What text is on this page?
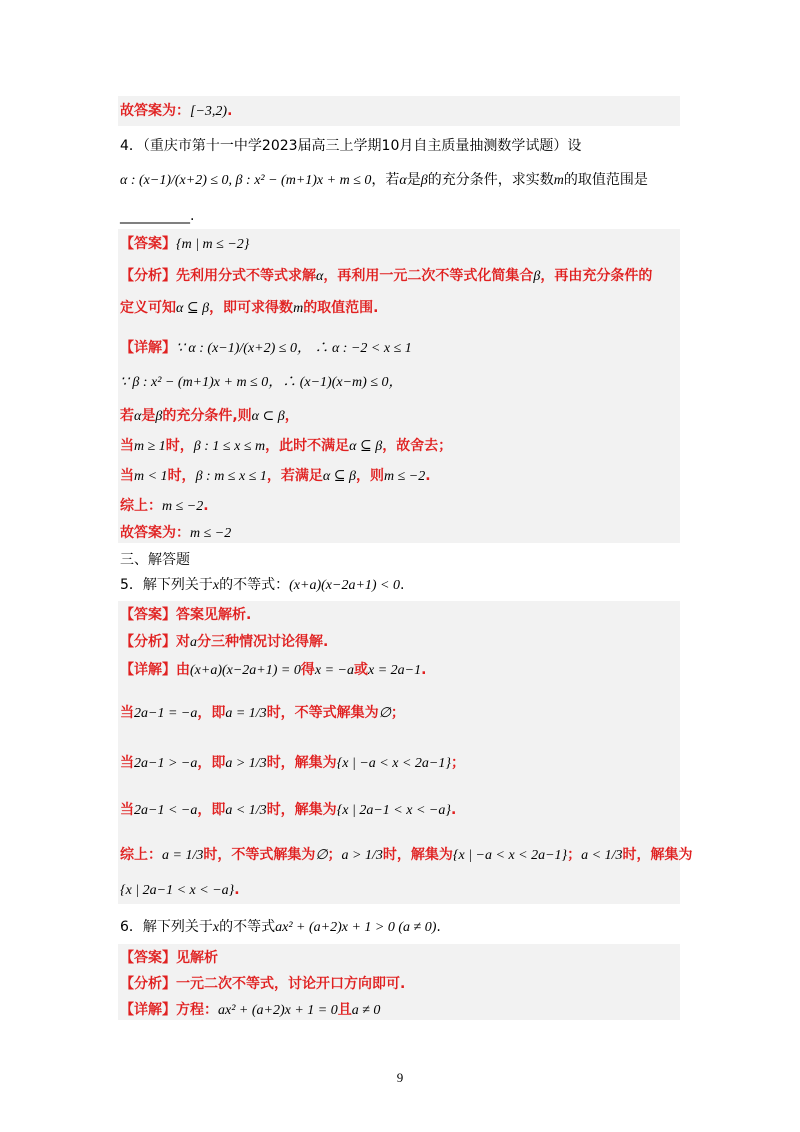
故答案为：[−3,2).
4．（重庆市第十一中学2023届高三上学期10月自主质量抽测数学试题）设
α : (x−1)/(x+2) ≤ 0, β : x² − (m+1)x + m ≤ 0，若α是β的充分条件，求实数m的取值范围是
__________.
【答案】{m | m ≤ −2}
【分析】先利用分式不等式求解α，再利用一元二次不等式化简集合β，再由充分条件的
定义可知α ⊆ β，即可求得数m的取值范围.
【详解】∵ α : (x−1)/(x+2) ≤ 0， ∴ α : −2 < x ≤ 1
∵ β : x² − (m+1)x + m ≤ 0，∴ (x−1)(x−m) ≤ 0，
若α是β的充分条件,则α ⊂ β，
当m ≥ 1时，β : 1 ≤ x ≤ m，此时不满足α ⊆ β，故舍去；
当m < 1时，β : m ≤ x ≤ 1，若满足α ⊆ β，则m ≤ −2.
综上：m ≤ −2.
故答案为：m ≤ −2
三、解答题
5．解下列关于x的不等式：(x+a)(x−2a+1) < 0.
【答案】答案见解析.
【分析】对a分三种情况讨论得解.
【详解】由(x+a)(x−2a+1) = 0得x = −a或x = 2a−1.
当2a−1 = −a，即a = 1/3时，不等式解集为∅；
当2a−1 > −a，即a > 1/3时，解集为{x | −a < x < 2a−1}；
当2a−1 < −a，即a < 1/3时，解集为{x | 2a−1 < x < −a}.
综上：a = 1/3时，不等式解集为∅；a > 1/3时，解集为{x | −a < x < 2a−1}；a < 1/3时，解集为
{x | 2a−1 < x < −a}.
6．解下列关于x的不等式ax² + (a+2)x + 1 > 0 (a ≠ 0).
【答案】见解析
【分析】一元二次不等式，讨论开口方向即可.
【详解】方程：ax² + (a+2)x + 1 = 0且a ≠ 0
9
